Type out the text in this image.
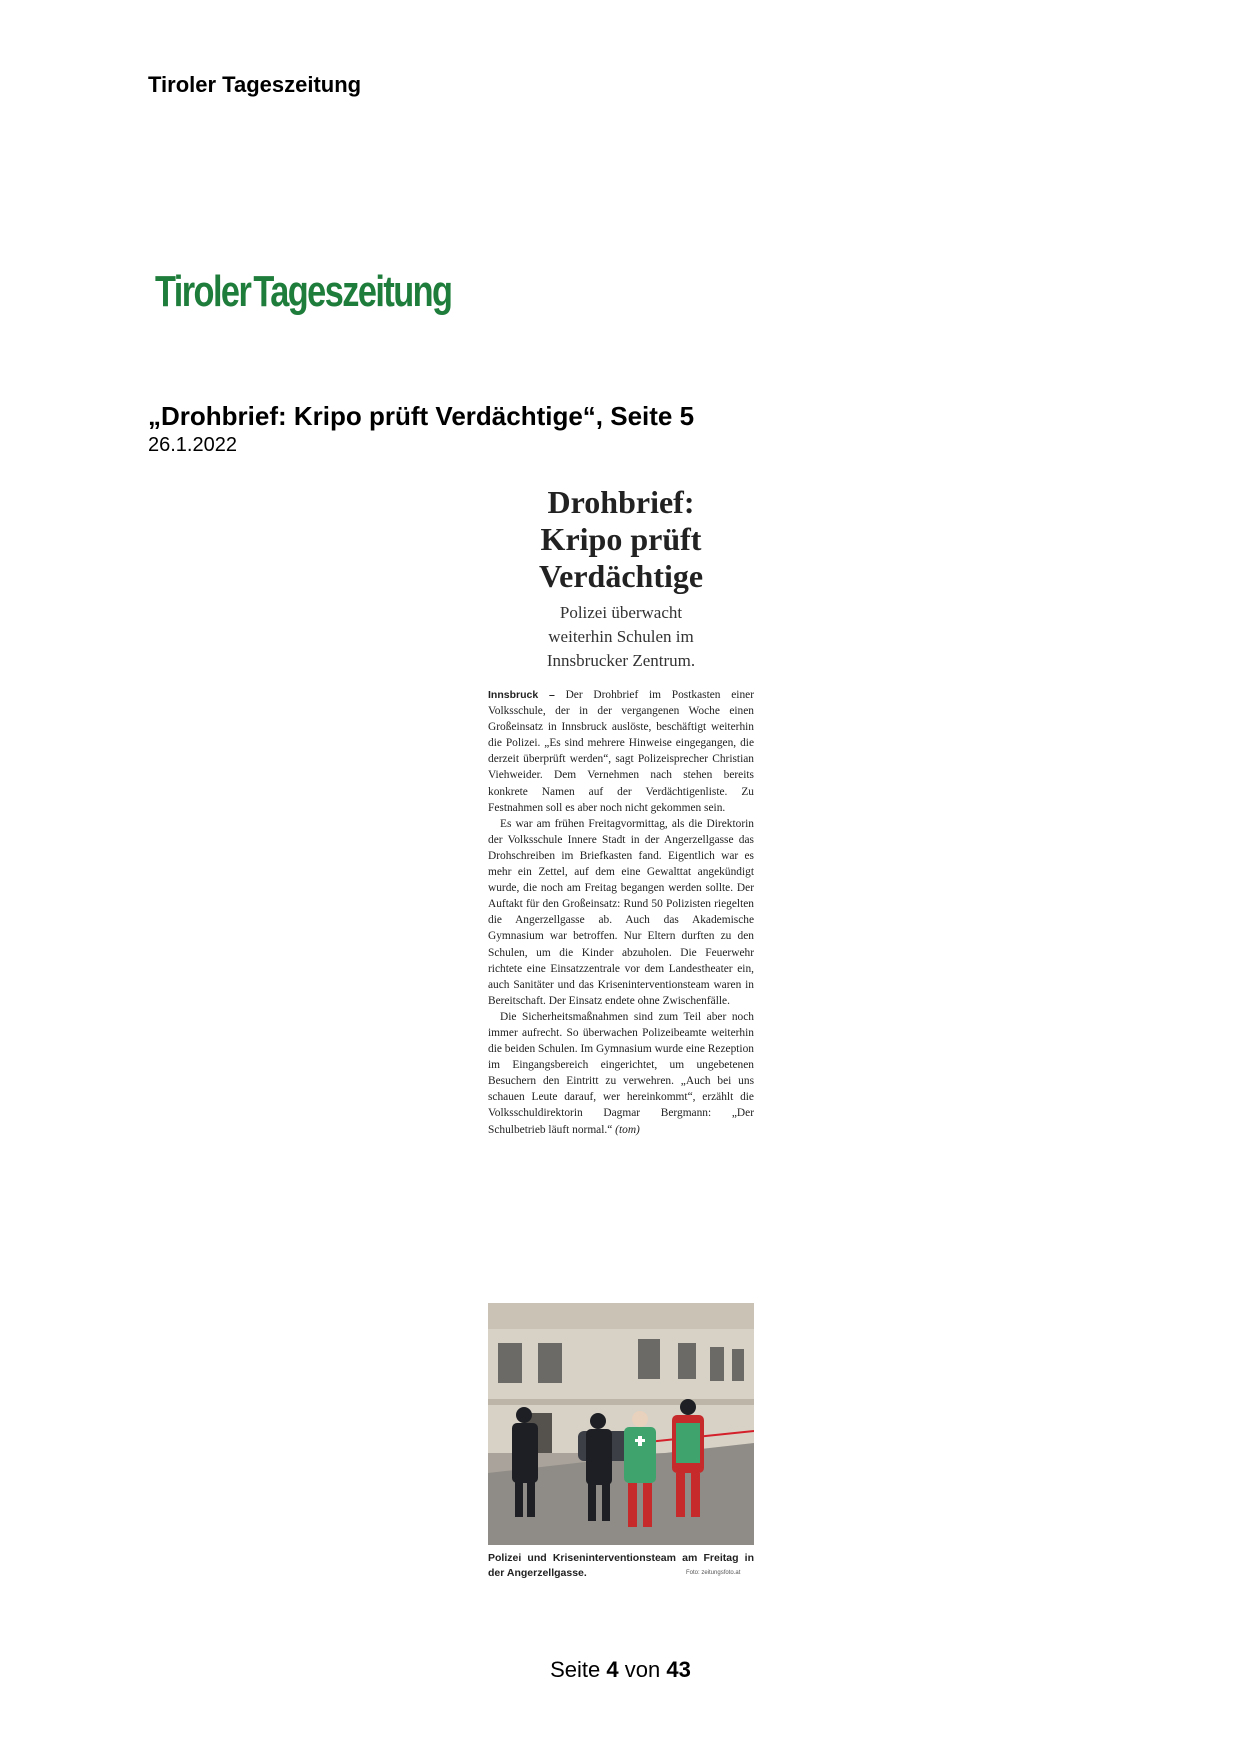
Tiroler Tageszeitung
Tiroler Tageszeitung
„Drohbrief: Kripo prüft Verdächtige“, Seite 5
26.1.2022
Drohbrief:
Kripo prüft
Verdächtige
Polizei überwacht
weiterhin Schulen im
Innsbrucker Zentrum.

Innsbruck – Der Drohbrief im Postkasten einer Volksschule, der in der vergangenen Woche einen Großeinsatz in Innsbruck auslöste, beschäftigt weiterhin die Polizei. „Es sind mehrere Hinweise eingegangen, die derzeit überprüft werden“, sagt Polizeisprecher Christian Viehweider. Dem Vernehmen nach stehen bereits konkrete Namen auf der Verdächtigenliste. Zu Festnahmen soll es aber noch nicht gekommen sein.

Es war am frühen Freitagvormittag, als die Direktorin der Volksschule Innere Stadt in der Angerzellgasse das Drohschreiben im Briefkasten fand. Eigentlich war es mehr ein Zettel, auf dem eine Gewalttat angekündigt wurde, die noch am Freitag begangen werden sollte. Der Auftakt für den Großeinsatz: Rund 50 Polizisten riegelten die Angerzellgasse ab. Auch das Akademische Gymnasium war betroffen. Nur Eltern durften zu den Schulen, um die Kinder abzuholen. Die Feuerwehr richtete eine Einsatzzentrale vor dem Landestheater ein, auch Sanitäter und das Kriseninterventionsteam waren in Bereitschaft. Der Einsatz endete ohne Zwischenfälle.

Die Sicherheitsmaßnahmen sind zum Teil aber noch immer aufrecht. So überwachen Polizeibeamte weiterhin die beiden Schulen. Im Gymnasium wurde eine Rezeption im Eingangsbereich eingerichtet, um ungebetenen Besuchern den Eintritt zu verwehren. „Auch bei uns schauen Leute darauf, wer hereinkommt“, erzählt die Volksschuldirektorin Dagmar Bergmann: „Der Schulbetrieb läuft normal.“ (tom)

Polizei und Kriseninterventionsteam am Freitag in der Angerzellgasse.	Foto: zeitungsfoto.at
Seite 4 von 43
